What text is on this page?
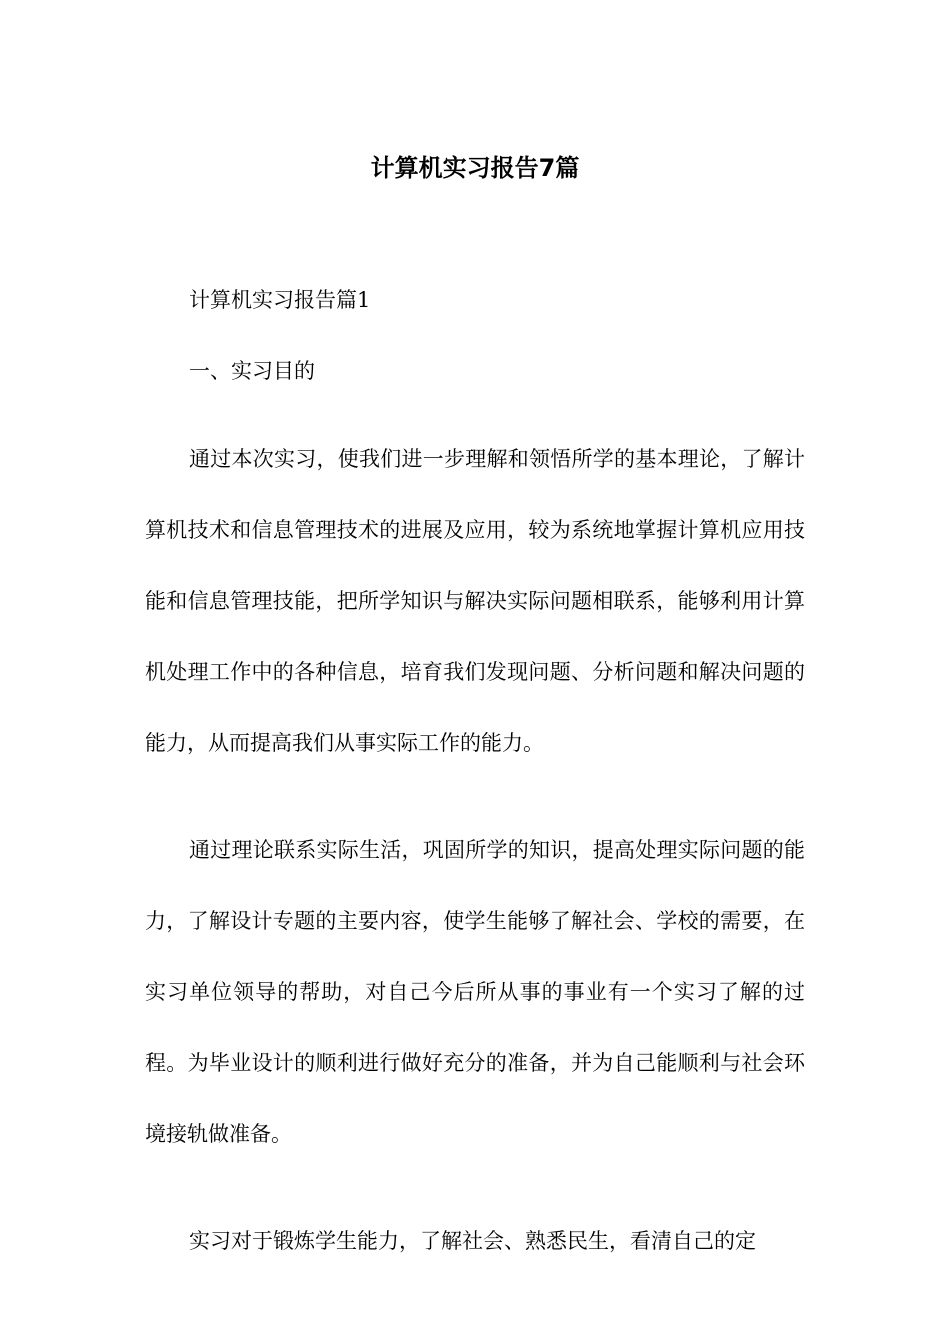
计算机实习报告7篇

计算机实习报告篇1

一、实习目的

通过本次实习，使我们进一步理解和领悟所学的基本理论，了解计算机技术和信息管理技术的进展及应用，较为系统地掌握计算机应用技能和信息管理技能，把所学知识与解决实际问题相联系，能够利用计算机处理工作中的各种信息，培育我们发现问题、分析问题和解决问题的能力，从而提高我们从事实际工作的能力。

通过理论联系实际生活，巩固所学的知识，提高处理实际问题的能力，了解设计专题的主要内容，使学生能够了解社会、学校的需要，在实习单位领导的帮助，对自己今后所从事的事业有一个实习了解的过程。为毕业设计的顺利进行做好充分的准备，并为自己能顺利与社会环境接轨做准备。

实习对于锻炼学生能力，了解社会、熟悉民生，看清自己的定
